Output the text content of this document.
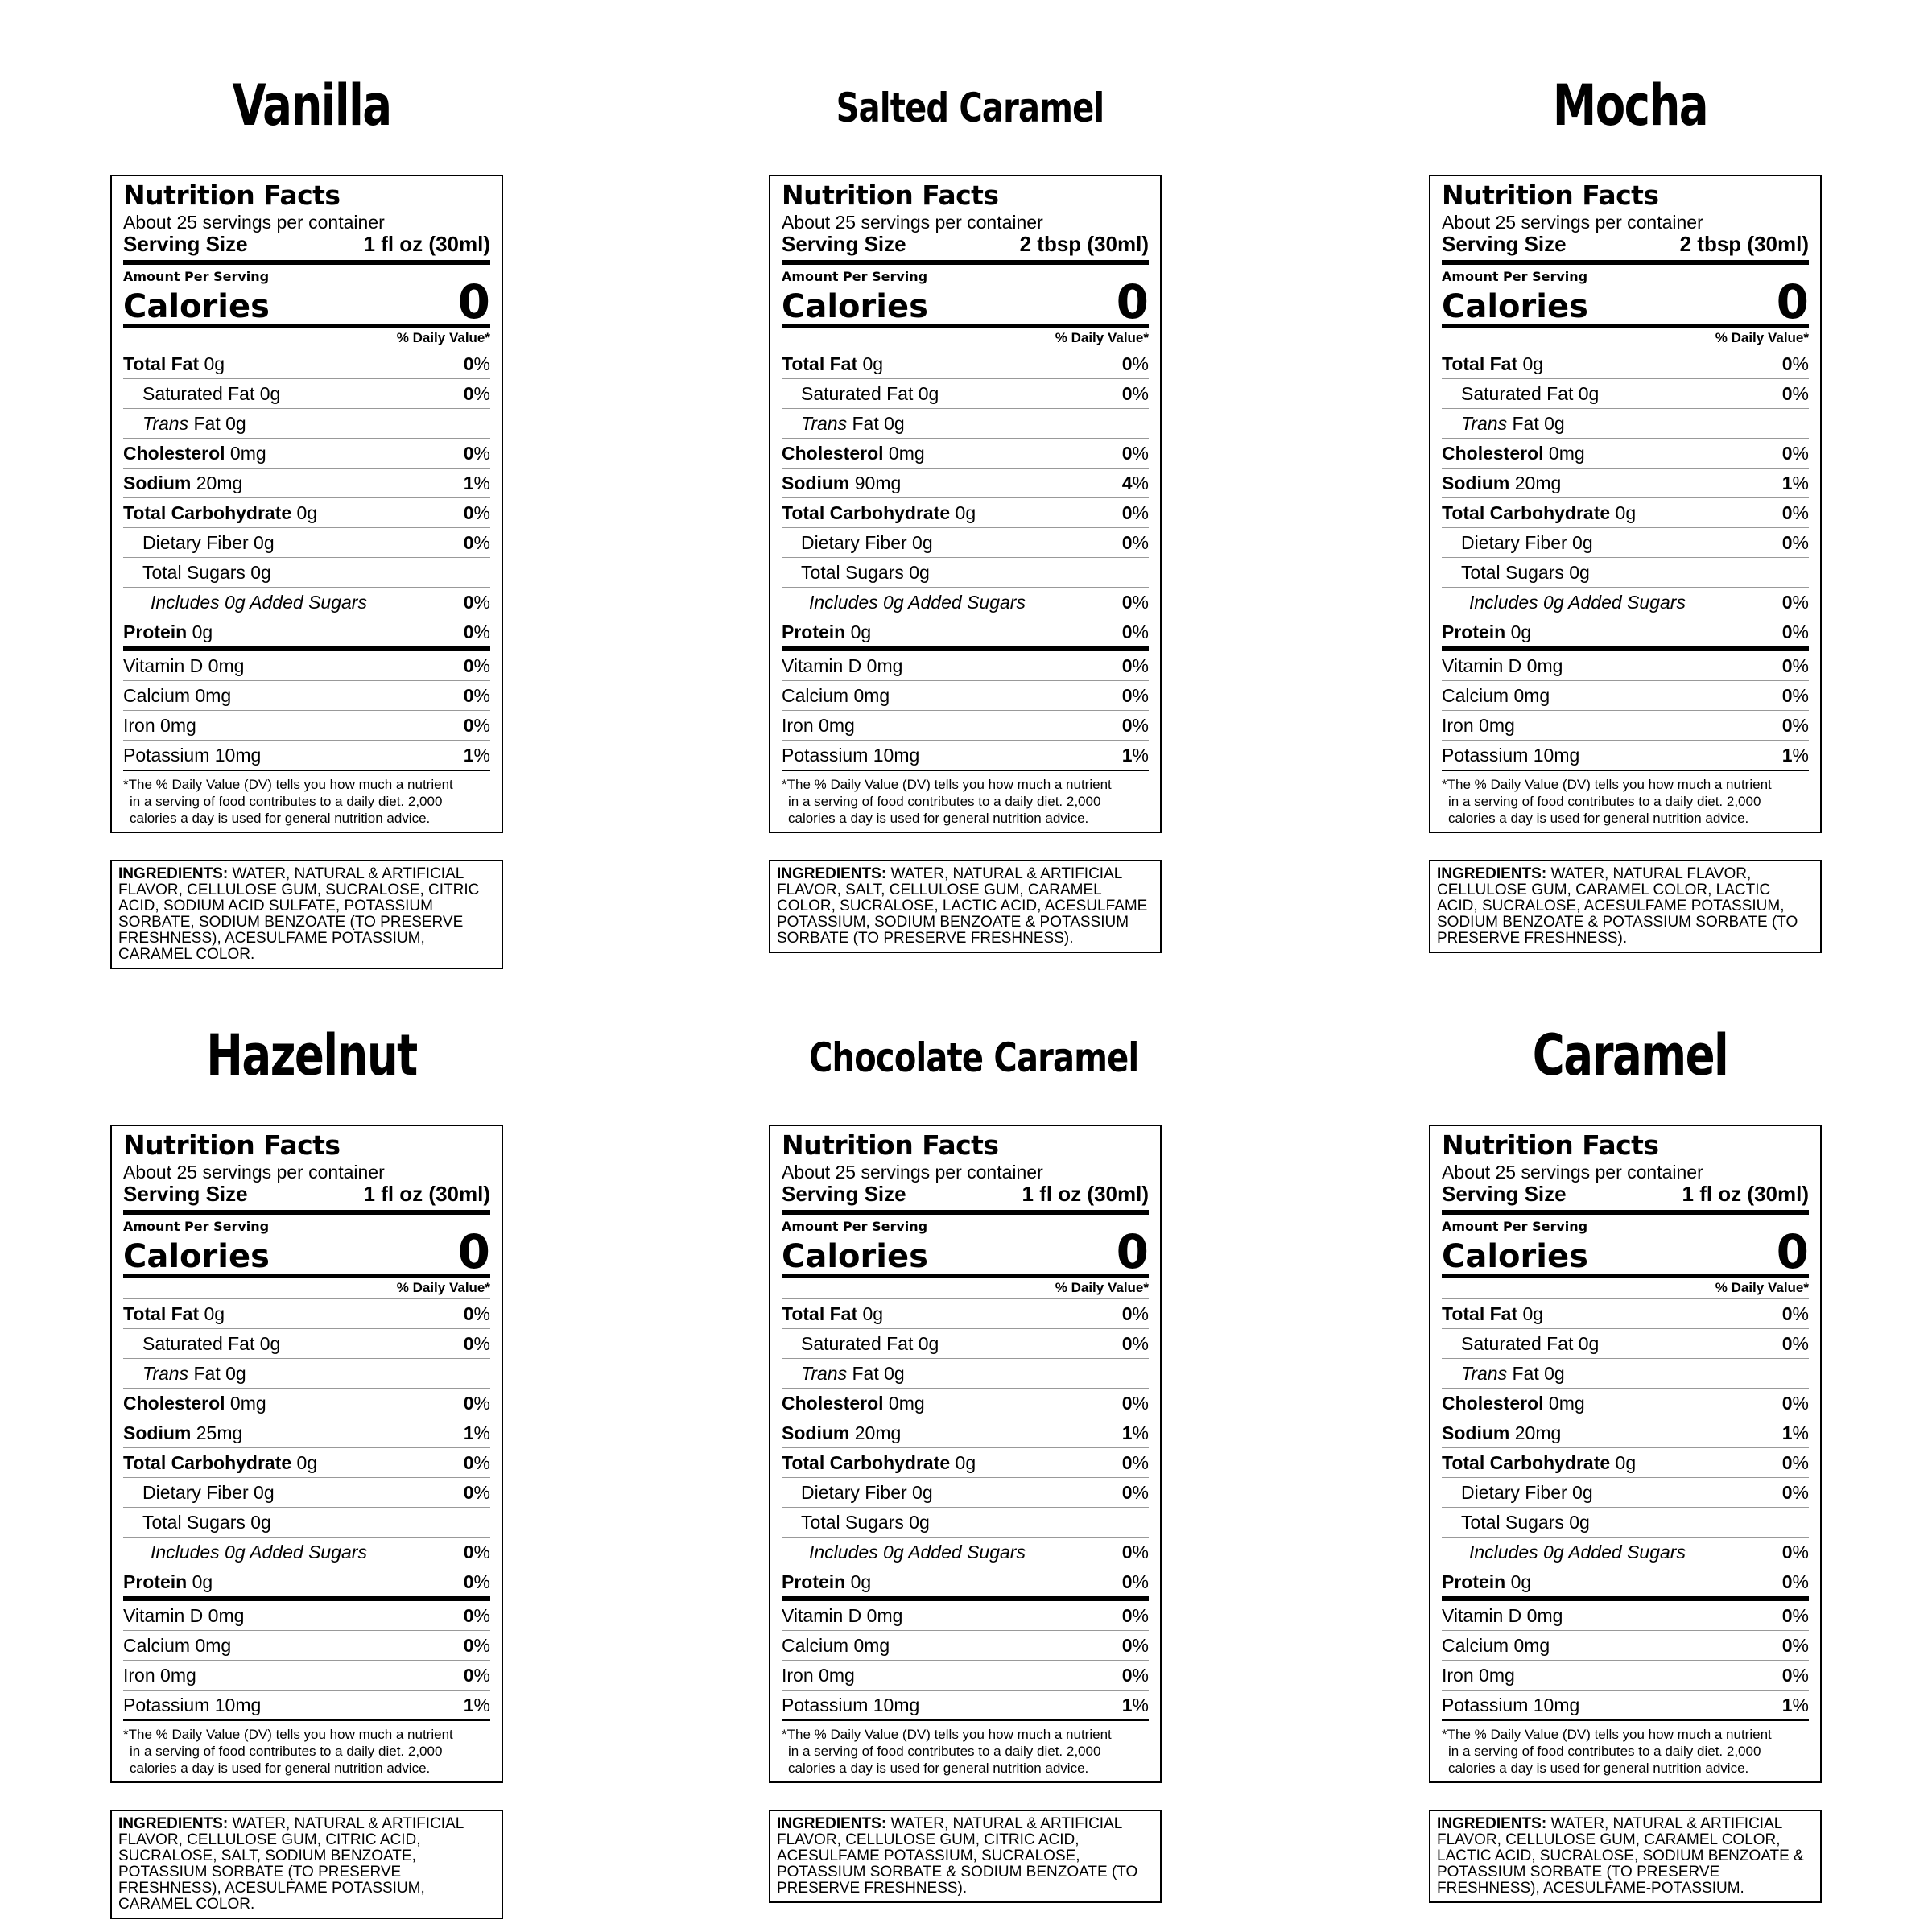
Vanilla
Nutrition Facts
About 25 servings per container
Serving Size	1 fl oz (30ml)
Amount Per Serving
Calories	0
% Daily Value*
Total Fat 0g	0%
Saturated Fat 0g	0%
Trans Fat 0g
Cholesterol 0mg	0%
Sodium 20mg	1%
Total Carbohydrate 0g	0%
Dietary Fiber 0g	0%
Total Sugars 0g
Includes 0g Added Sugars	0%
Protein 0g	0%
Vitamin D 0mg	0%
Calcium 0mg	0%
Iron 0mg	0%
Potassium 10mg	1%
*The % Daily Value (DV) tells you how much a nutrient
in a serving of food contributes to a daily diet. 2,000
calories a day is used for general nutrition advice.
INGREDIENTS: WATER, NATURAL & ARTIFICIAL FLAVOR, CELLULOSE GUM, SUCRALOSE, CITRIC ACID, SODIUM ACID SULFATE, POTASSIUM SORBATE, SODIUM BENZOATE (TO PRESERVE FRESHNESS), ACESULFAME POTASSIUM, CARAMEL COLOR.
Salted Caramel
Nutrition Facts
About 25 servings per container
Serving Size	2 tbsp (30ml)
Amount Per Serving
Calories	0
% Daily Value*
Total Fat 0g	0%
Saturated Fat 0g	0%
Trans Fat 0g
Cholesterol 0mg	0%
Sodium 90mg	4%
Total Carbohydrate 0g	0%
Dietary Fiber 0g	0%
Total Sugars 0g
Includes 0g Added Sugars	0%
Protein 0g	0%
Vitamin D 0mg	0%
Calcium 0mg	0%
Iron 0mg	0%
Potassium 10mg	1%
*The % Daily Value (DV) tells you how much a nutrient
in a serving of food contributes to a daily diet. 2,000
calories a day is used for general nutrition advice.
INGREDIENTS: WATER, NATURAL & ARTIFICIAL FLAVOR, SALT, CELLULOSE GUM, CARAMEL COLOR, SUCRALOSE, LACTIC ACID, ACESULFAME POTASSIUM, SODIUM BENZOATE & POTASSIUM SORBATE (TO PRESERVE FRESHNESS).
Mocha
Nutrition Facts
About 25 servings per container
Serving Size	2 tbsp (30ml)
Amount Per Serving
Calories	0
% Daily Value*
Total Fat 0g	0%
Saturated Fat 0g	0%
Trans Fat 0g
Cholesterol 0mg	0%
Sodium 20mg	1%
Total Carbohydrate 0g	0%
Dietary Fiber 0g	0%
Total Sugars 0g
Includes 0g Added Sugars	0%
Protein 0g	0%
Vitamin D 0mg	0%
Calcium 0mg	0%
Iron 0mg	0%
Potassium 10mg	1%
*The % Daily Value (DV) tells you how much a nutrient
in a serving of food contributes to a daily diet. 2,000
calories a day is used for general nutrition advice.
INGREDIENTS: WATER, NATURAL FLAVOR, CELLULOSE GUM, CARAMEL COLOR, LACTIC ACID, SUCRALOSE, ACESULFAME POTASSIUM, SODIUM BENZOATE & POTASSIUM SORBATE (TO PRESERVE FRESHNESS).
Hazelnut
Nutrition Facts
About 25 servings per container
Serving Size	1 fl oz (30ml)
Amount Per Serving
Calories	0
% Daily Value*
Total Fat 0g	0%
Saturated Fat 0g	0%
Trans Fat 0g
Cholesterol 0mg	0%
Sodium 25mg	1%
Total Carbohydrate 0g	0%
Dietary Fiber 0g	0%
Total Sugars 0g
Includes 0g Added Sugars	0%
Protein 0g	0%
Vitamin D 0mg	0%
Calcium 0mg	0%
Iron 0mg	0%
Potassium 10mg	1%
*The % Daily Value (DV) tells you how much a nutrient
in a serving of food contributes to a daily diet. 2,000
calories a day is used for general nutrition advice.
INGREDIENTS: WATER, NATURAL & ARTIFICIAL FLAVOR, CELLULOSE GUM, CITRIC ACID, SUCRALOSE, SALT, SODIUM BENZOATE, POTASSIUM SORBATE (TO PRESERVE FRESHNESS), ACESULFAME POTASSIUM, CARAMEL COLOR.
Chocolate Caramel
Nutrition Facts
About 25 servings per container
Serving Size	1 fl oz (30ml)
Amount Per Serving
Calories	0
% Daily Value*
Total Fat 0g	0%
Saturated Fat 0g	0%
Trans Fat 0g
Cholesterol 0mg	0%
Sodium 20mg	1%
Total Carbohydrate 0g	0%
Dietary Fiber 0g	0%
Total Sugars 0g
Includes 0g Added Sugars	0%
Protein 0g	0%
Vitamin D 0mg	0%
Calcium 0mg	0%
Iron 0mg	0%
Potassium 10mg	1%
*The % Daily Value (DV) tells you how much a nutrient
in a serving of food contributes to a daily diet. 2,000
calories a day is used for general nutrition advice.
INGREDIENTS: WATER, NATURAL & ARTIFICIAL FLAVOR, CELLULOSE GUM, CITRIC ACID, ACESULFAME POTASSIUM, SUCRALOSE, POTASSIUM SORBATE & SODIUM BENZOATE (TO PRESERVE FRESHNESS).
Caramel
Nutrition Facts
About 25 servings per container
Serving Size	1 fl oz (30ml)
Amount Per Serving
Calories	0
% Daily Value*
Total Fat 0g	0%
Saturated Fat 0g	0%
Trans Fat 0g
Cholesterol 0mg	0%
Sodium 20mg	1%
Total Carbohydrate 0g	0%
Dietary Fiber 0g	0%
Total Sugars 0g
Includes 0g Added Sugars	0%
Protein 0g	0%
Vitamin D 0mg	0%
Calcium 0mg	0%
Iron 0mg	0%
Potassium 10mg	1%
*The % Daily Value (DV) tells you how much a nutrient
in a serving of food contributes to a daily diet. 2,000
calories a day is used for general nutrition advice.
INGREDIENTS: WATER, NATURAL & ARTIFICIAL FLAVOR, CELLULOSE GUM, CARAMEL COLOR, LACTIC ACID, SUCRALOSE, SODIUM BENZOATE & POTASSIUM SORBATE (TO PRESERVE FRESHNESS), ACESULFAME-POTASSIUM.
